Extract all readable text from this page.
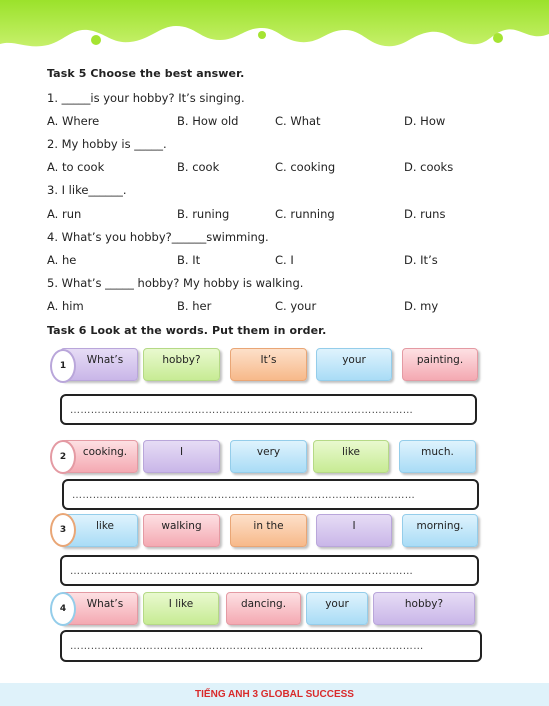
Task 5 Choose the best answer.
1. _____is your hobby? It’s singing.
A. Where	B. How old	C. What	D. How
2. My hobby is _____.
A. to cook	B. cook	C. cooking	D. cooks
3. I like______.
A. run	B. runing	C. running	D. runs
4. What’s you hobby?______swimming.
A. he	B. It	C. I	D. It’s
5. What’s _____ hobby? My hobby is walking.
A. him	B. her	C. your	D. my
Task 6 Look at the words. Put them in order.
1	What’s	hobby?	It’s	your	painting.
………………………………………………………………………………………
2	cooking.	I	very	like	much.
………………………………………………………………………………………
3	like	walking	in the	I	morning.
………………………………………………………………………………………
4	What’s	I like	dancing.	your	hobby?
…………………………………………………………………………………………
TIẾNG ANH 3 GLOBAL SUCCESS
